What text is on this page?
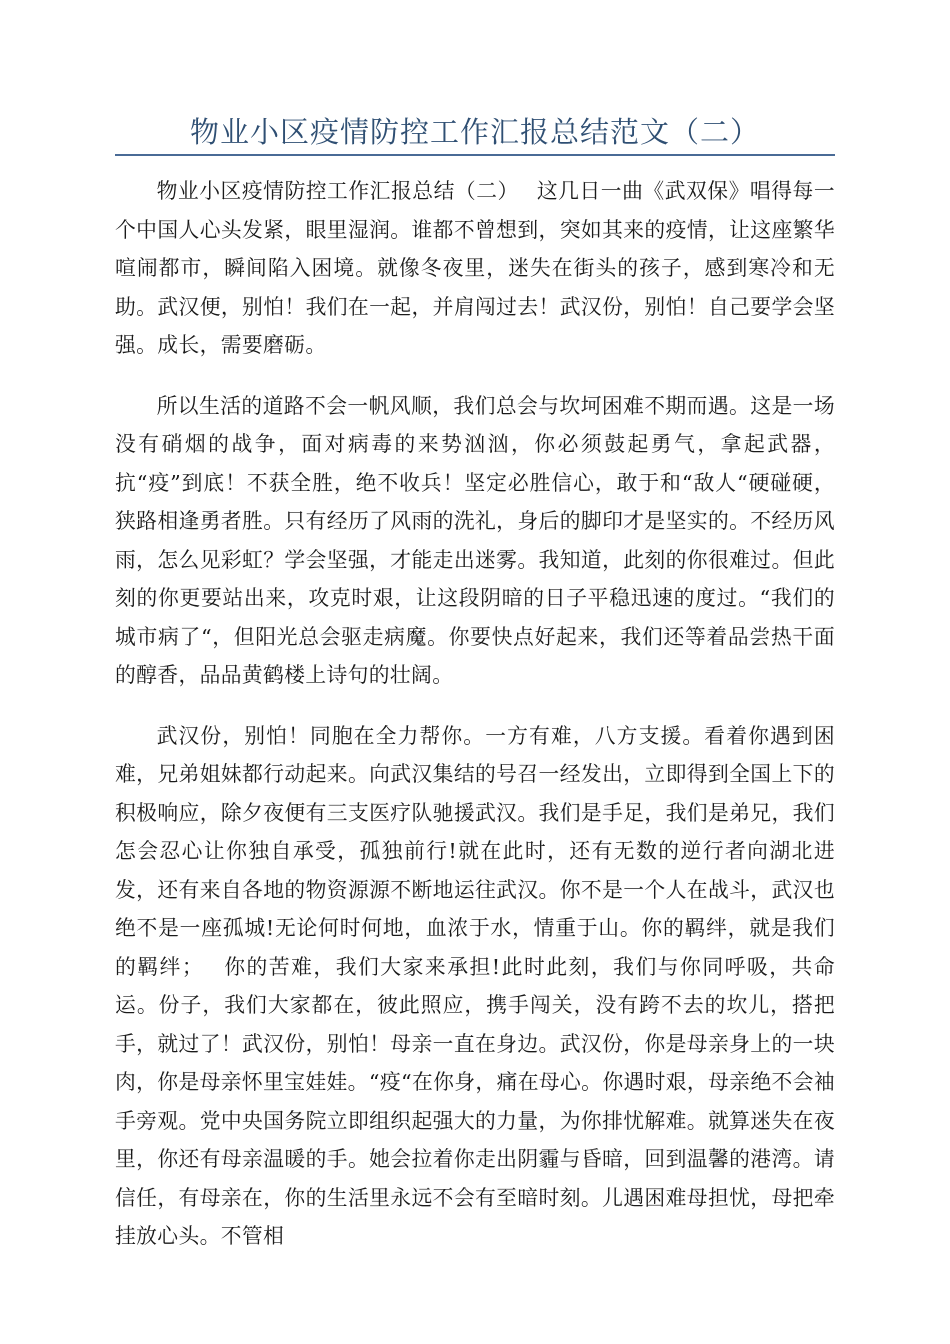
物业小区疫情防控工作汇报总结范文（二）

物业小区疫情防控工作汇报总结（二）　 这几日一曲《武双保》唱得每一个中国人心头发紧，眼里湿润。谁都不曾想到，突如其来的疫情，让这座繁华喧闹都市，瞬间陷入困境。就像冬夜里，迷失在街头的孩子，感到寒冷和无助。武汉便，别怕！我们在一起，并肩闯过去！武汉份，别怕！自己要学会坚强。成长，需要磨砺。

所以生活的道路不会一帆风顺，我们总会与坎坷困难不期而遇。这是一场没有硝烟的战争，面对病毒的来势汹汹，你必须鼓起勇气，拿起武器，抗“疫”到底！不获全胜，绝不收兵！坚定必胜信心，敢于和“敌人“硬碰硬，狭路相逢勇者胜。只有经历了风雨的洗礼，身后的脚印才是坚实的。不经历风雨，怎么见彩虹？学会坚强，才能走出迷雾。我知道，此刻的你很难过。但此刻的你更要站出来，攻克时艰，让这段阴暗的日子平稳迅速的度过。“我们的城市病了“，但阳光总会驱走病魔。你要快点好起来，我们还等着品尝热干面的醇香，品品黄鹤楼上诗句的壮阔。

武汉份，别怕！同胞在全力帮你。一方有难，八方支援。看着你遇到困难，兄弟姐妹都行动起来。向武汉集结的号召一经发出，立即得到全国上下的积极响应，除夕夜便有三支医疗队驰援武汉。我们是手足，我们是弟兄，我们怎会忍心让你独自承受，孤独前行!就在此时，还有无数的逆行者向湖北进发，还有来自各地的物资源源不断地运往武汉。你不是一个人在战斗，武汉也绝不是一座孤城!无论何时何地，血浓于水，情重于山。你的羁绊，就是我们的羁绊；　 你的苦难，我们大家来承担!此时此刻，我们与你同呼吸，共命运。份子，我们大家都在，彼此照应，携手闯关，没有跨不去的坎儿，搭把手，就过了！武汉份，别怕！母亲一直在身边。武汉份，你是母亲身上的一块肉，你是母亲怀里宝娃娃。“疫“在你身，痛在母心。你遇时艰，母亲绝不会袖手旁观。党中央国务院立即组织起强大的力量，为你排忧解难。就算迷失在夜里，你还有母亲温暖的手。她会拉着你走出阴霾与昏暗，回到温馨的港湾。请信任，有母亲在，你的生活里永远不会有至暗时刻。儿遇困难母担忧，母把牵挂放心头。不管相
